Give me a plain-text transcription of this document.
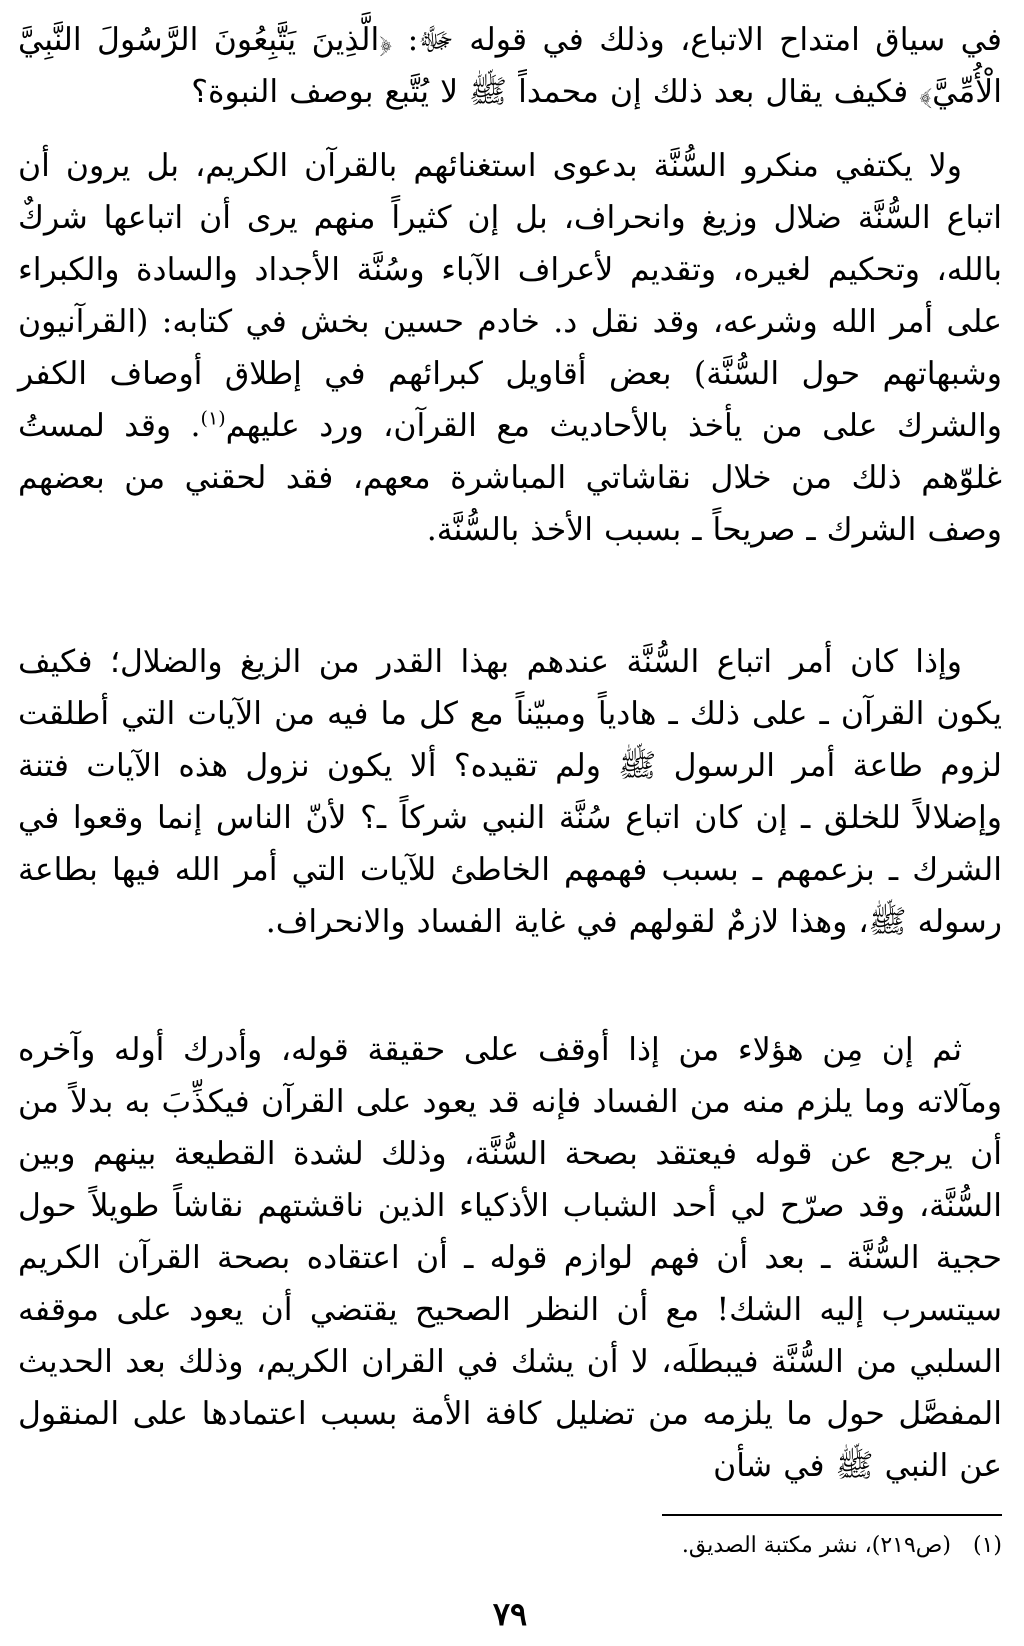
في سياق امتداح الاتباع، وذلك في قوله ﷻ: ﴿الَّذِينَ يَتَّبِعُونَ الرَّسُولَ النَّبِيَّ الْأُمِّيَّ﴾ فكيف يقال بعد ذلك إن محمداً ﷺ لا يُتَّبع بوصف النبوة؟

ولا يكتفي منكرو السُّنَّة بدعوى استغنائهم بالقرآن الكريم، بل يرون أن اتباع السُّنَّة ضلال وزيغ وانحراف، بل إن كثيراً منهم يرى أن اتباعها شركٌ بالله، وتحكيم لغيره، وتقديم لأعراف الآباء وسُنَّة الأجداد والسادة والكبراء على أمر الله وشرعه، وقد نقل د. خادم حسين بخش في كتابه: (القرآنيون وشبهاتهم حول السُّنَّة) بعض أقاويل كبرائهم في إطلاق أوصاف الكفر والشرك على من يأخذ بالأحاديث مع القرآن، ورد عليهم$^{(١)}$. وقد لمستُ غلوّهم ذلك من خلال نقاشاتي المباشرة معهم، فقد لحقني من بعضهم وصف الشرك ـ صريحاً ـ بسبب الأخذ بالسُّنَّة.

وإذا كان أمر اتباع السُّنَّة عندهم بهذا القدر من الزيغ والضلال؛ فكيف يكون القرآن ـ على ذلك ـ هادياً ومبيّناً مع كل ما فيه من الآيات التي أطلقت لزوم طاعة أمر الرسول ﷺ ولم تقيده؟ ألا يكون نزول هذه الآيات فتنة وإضلالاً للخلق ـ إن كان اتباع سُنَّة النبي شركاً ـ؟ لأنّ الناس إنما وقعوا في الشرك ـ بزعمهم ـ بسبب فهمهم الخاطئ للآيات التي أمر الله فيها بطاعة رسوله ﷺ، وهذا لازمٌ لقولهم في غاية الفساد والانحراف.

ثم إن مِن هؤلاء من إذا أوقف على حقيقة قوله، وأدرك أوله وآخره ومآلاته وما يلزم منه من الفساد فإنه قد يعود على القرآن فيكذِّبَ به بدلاً من أن يرجع عن قوله فيعتقد بصحة السُّنَّة، وذلك لشدة القطيعة بينهم وبين السُّنَّة، وقد صرّح لي أحد الشباب الأذكياء الذين ناقشتهم نقاشاً طويلاً حول حجية السُّنَّة ـ بعد أن فهم لوازم قوله ـ أن اعتقاده بصحة القرآن الكريم سيتسرب إليه الشك! مع أن النظر الصحيح يقتضي أن يعود على موقفه السلبي من السُّنَّة فيبطلَه، لا أن يشك في القران الكريم، وذلك بعد الحديث المفصَّل حول ما يلزمه من تضليل كافة الأمة بسبب اعتمادها على المنقول عن النبي ﷺ في شأن

(١)(ص٢١٩)، نشر مكتبة الصديق.
٧٩
